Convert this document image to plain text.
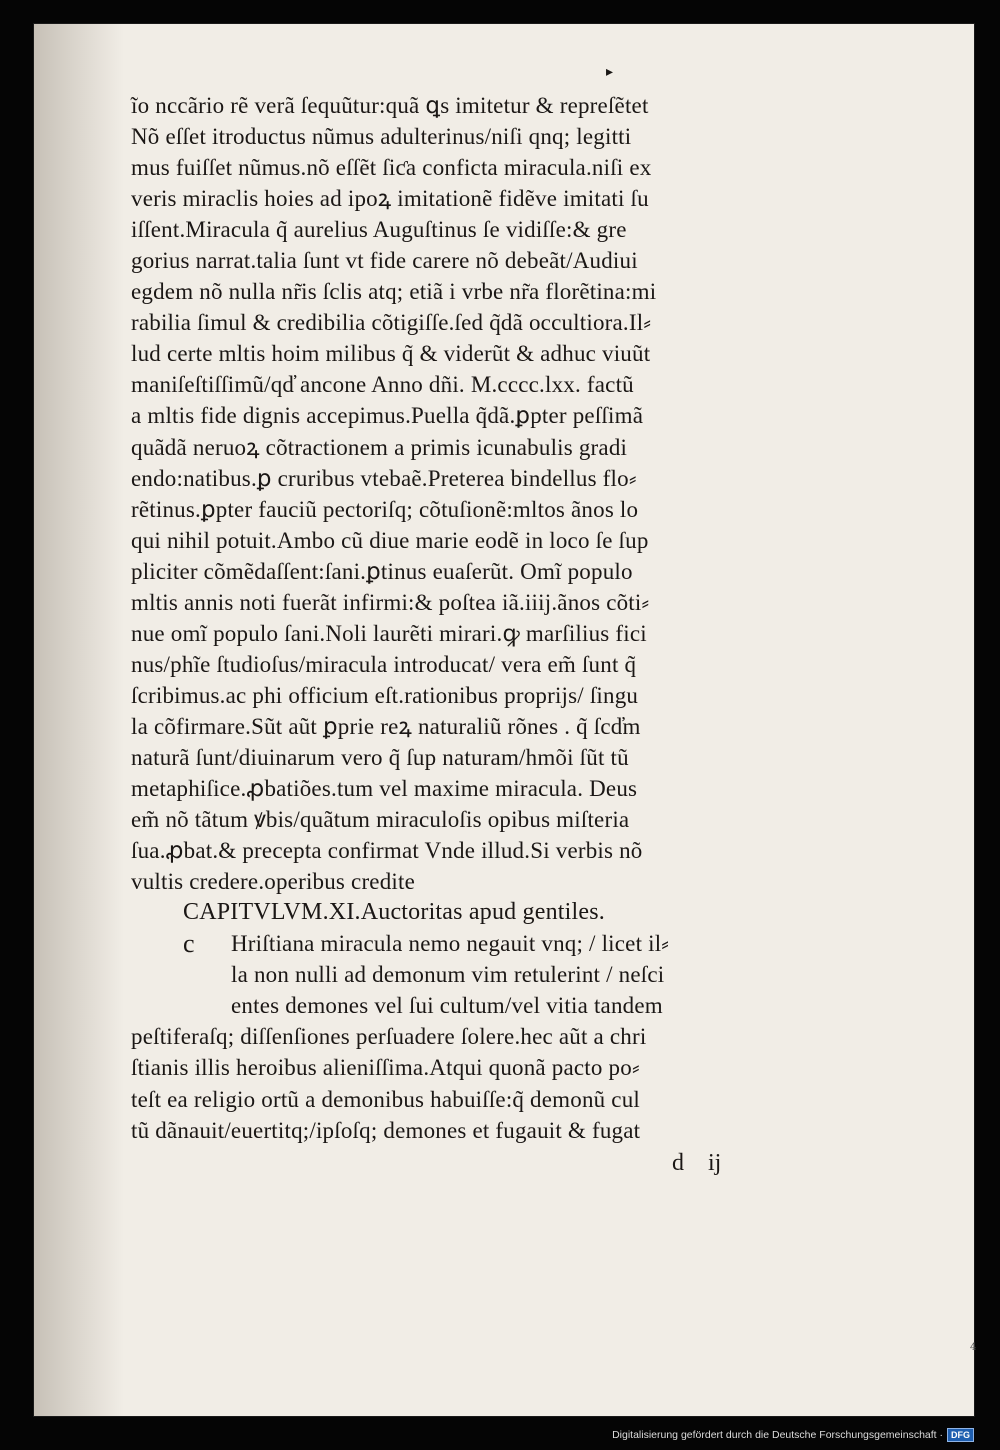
▸
ĩo nccãrio rẽ verã ſequũtur:quã ꝗs imitetur & repreſẽtet
Nõ eſſet itroductus nũmus adulterinus/niſi qnq; legitti
mus fuiſſet nũmus.nõ eſſẽt ſiƈa conficta miracula.niſi ex
veris miraclis hoies ad ipoꝝ imitationẽ fidẽve imitati ſu
iſſent.Miracula q̃ aurelius Auguſtinus ſe vidiſſe:& gre
gorius narrat.talia ſunt vt fide carere nõ debeãt/Audiui
egdem nõ nulla nr̃is ſclis atq; etiã i vrbe nr̃a florẽtina:mi
rabilia ſimul & credibilia cõtigiſſe.ſed q̃dã occultiora.Il⸗
lud certe mltis hoim milibus q̃ & viderũt & adhuc viuũt
maniſeſtiſſimũ/qd̕ ancone Anno dñi. M.cccc.lxx. factũ
a mltis fide dignis accepimus.Puella q̃dã.ꝑpter peſſimã
quãdã neruoꝝ cõtractionem a primis icunabulis gradi
endo:natibus.ꝑ cruribus vtebaẽ.Preterea bindellus flo⸗
rẽtinus.ꝑpter fauciũ pectoriſq; cõtuſionẽ:mltos ãnos lo
qui nihil potuit.Ambo cũ diue marie eodẽ in loco ſe ſup
pliciter cõmẽdaſſent:ſani.ꝑtinus euaſerũt. Omĩ populo
mltis annis noti fuerãt infirmi:& poſtea iã.iiij.ãnos cõti⸗
nue omĩ populo ſani.Noli laurẽti mirari.ꝙ marſilius fici
nus/phĩe ſtudioſus/miracula introducat/ vera em̃ ſunt q̃
ſcribimus.ac phi officium eſt.rationibus proprijs/ ſingu
la cõfirmare.Sũt aũt ꝑprie reꝝ naturaliũ rõnes . q̃ ſcd̕m
naturã ſunt/diuinarum vero q̃ ſup naturam/hmõi ſũt tũ
metaphiſice.ꝓbatiões.tum vel maxime miracula. Deus
em̃ nõ tãtum ꝟbis/quãtum miraculoſis opibus miſteria
ſua.ꝓbat.& precepta confirmat Vnde illud.Si verbis nõ
vultis credere.operibus credite
CAPITVLVM.XI.Auctoritas apud gentiles.
c	Hriſtiana miracula nemo negauit vnq; / licet il⸗
la non nulli ad demonum vim retulerint / neſci
entes demones vel ſui cultum/vel vitia tandem
peſtiferaſq; diſſenſiones perſuadere ſolere.hec aũt a chri
ſtianis illis heroibus alieniſſima.Atqui quonã pacto po⸗
teſt ea religio ortũ a demonibus habuiſſe:q̃ demonũ cul
tũ dãnauit/euertitq;/ipſoſq; demones et fugauit & fugat
d ij
4
Digitalisierung gefördert durch die Deutsche Forschungsgemeinschaft · DFG
